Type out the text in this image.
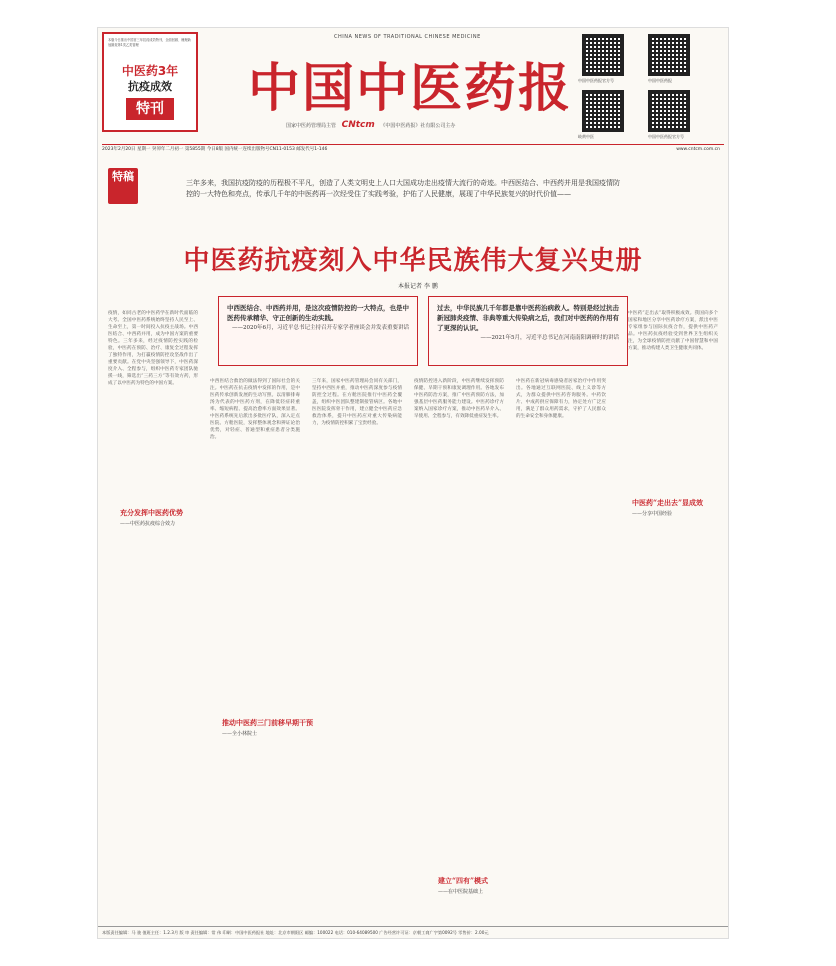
本版今日推出中国首三年抗疫成效特刊，全面回顾、梳理新冠肺炎第1类乙类管理
中医药3年
抗疫成效
特刊
CHINA NEWS OF TRADITIONAL CHINESE MEDICINE
中国中医药报
国家中医药管理局主管 CNtcm 《中国中医药报》社有限公司主办
中国中医药报官方号	中国中医药报
岐黄中医	中国中医药报官方号
2023年2月20日 星期一 癸卯年二月初一 第5855期 今日8版 国内统一连续出版物号CN11-0153 邮发代号1-146	www.cntcm.com.cn
特稿	三年多来，我国抗疫防疫的历程极不平凡，创造了人类文明史上人口大国成功走出疫情大流行的奇迹。中西医结合、中西药并用是我国疫情防控的一大特色和亮点，传承几千年的中医药再一次经受住了实践考验，护佑了人民健康，展现了中华民族复兴的时代价值——
中医药抗疫刻入中华民族伟大复兴史册
本报记者 李 鹏
中西医结合、中西药并用，是这次疫情防控的一大特点，也是中医药传承精华、守正创新的生动实践。
——2020年6月，习近平总书记主持召开专家学者座谈会并发表重要讲话
过去，中华民族几千年都是靠中医药治病救人。特别是经过抗击新冠肺炎疫情、非典等重大传染病之后，我们对中医药的作用有了更深的认识。
——2021年5月，习近平总书记在河南南阳调研时的讲话
疫情，如同古老的中医药学在新时代面临的大考。全国中医药系统始终坚持人民至上、生命至上，第一时间投入抗疫主战场。中西医结合、中西药并用，成为中国方案的重要特色。三年多来，经过疫情防控实践的检验，中医药在预防、治疗、康复全过程发挥了独特作用，为打赢疫情防控攻坚战作出了重要贡献。在党中央坚强领导下，中医药深度介入、全程参与，组织中医药专家团队驰援一线，筛选出“三药三方”等有效方药，形成了以中医药为特色的中国方案。	中西医结合救治的做法得到了国际社会的关注。中医药在抗击疫情中发挥的作用，是中医药传承创新发展的生动写照。以清肺排毒汤为代表的中医药方剂，在降低轻症转重率、缩短病程、提高治愈率方面效果显著。中医药系统先后派出多批医疗队，深入定点医院、方舱医院，发挥整体观念和辨证论治优势，对轻症、普通型和重症患者分类施治。
三年来，国家中医药管理局会同有关部门，坚持中西医并重，推动中医药深度参与疫情防控全过程。在方舱医院推行中医药全覆盖，组织中医团队整建制接管病区。各地中医医院发挥骨干作用，建立健全中医药应急救治体系，提升中医药应对重大传染病能力，为疫情防控积累了宝贵经验。
疫情防控进入新阶段，中医药继续发挥预防保健、早期干预和康复调理作用。各地发布中医药防治方案，推广中医药预防方法，加强基层中医药服务能力建设。中医药诊疗方案纳入国家诊疗方案，推动中医药早介入、早使用、全程参与，有效降低重症发生率。
中医药在新冠病毒感染者居家治疗中作用突出。各地通过互联网医院、线上义诊等方式，为群众提供中医药咨询服务。中药饮片、中成药供应保障有力，协定处方广泛应用，满足了群众用药需求，守护了人民群众的生命安全和身体健康。
中医药“走出去”取得积极成效。我国向多个国家和地区分享中医药诊疗方案，派出中医专家组参与国际抗疫合作，提供中医药产品。中医药抗疫经验受到世界卫生组织关注，为全球疫情防控贡献了中国智慧和中国方案，推动构建人类卫生健康共同体。
充分发挥中医药优势
——中医药抗疫综合效力
推动中医药三门前移早期干预
——全小林院士
中医药“走出去”显成效
——分享中国经验
建立“四有”模式
——在中医院基础上
本版责任编辑：马 骏 值班主任：1.2.3月 版 审 责任编辑：常 伟 印刷：中国中医药报社 地址：北京市朝阳区 邮编：100022 电话：010-64089500 广告经营许可证：京朝工商广字第0092号 零售价：2.00元
